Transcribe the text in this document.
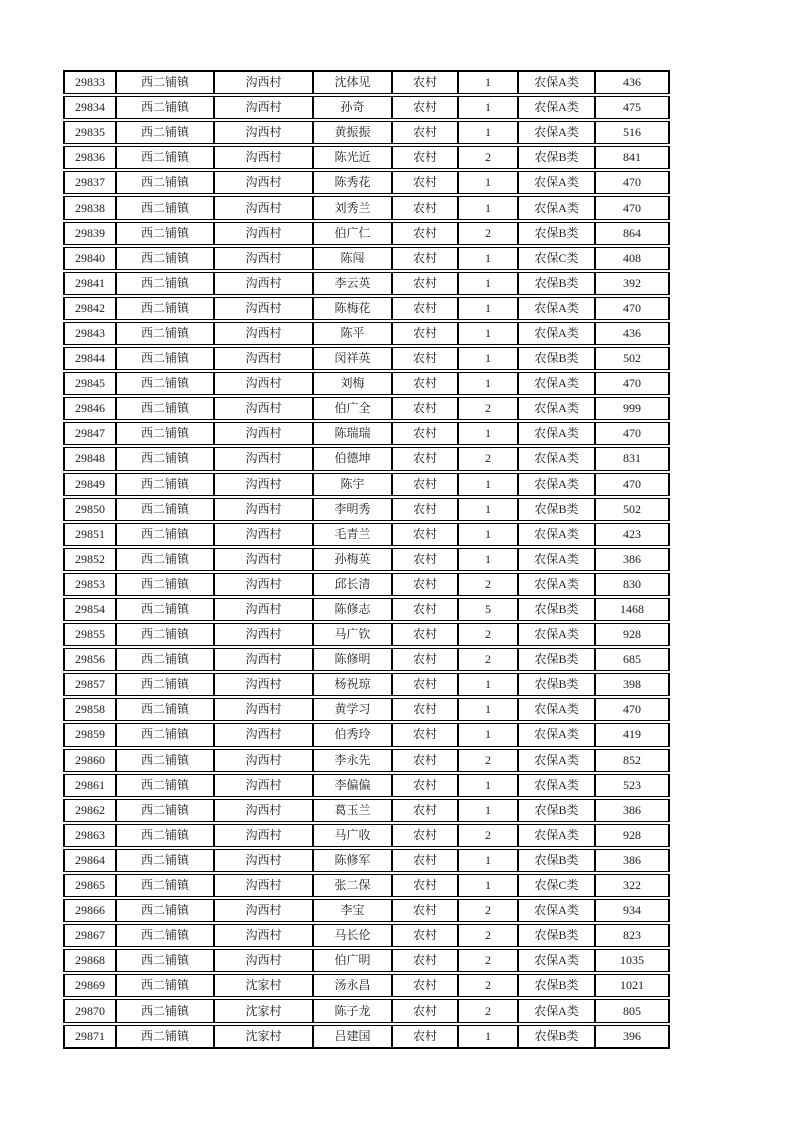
29833	西二铺镇	沟西村	沈体见	农村	1	农保A类	436
29834	西二铺镇	沟西村	孙奇	农村	1	农保A类	475
29835	西二铺镇	沟西村	黄振振	农村	1	农保A类	516
29836	西二铺镇	沟西村	陈光近	农村	2	农保B类	841
29837	西二铺镇	沟西村	陈秀花	农村	1	农保A类	470
29838	西二铺镇	沟西村	刘秀兰	农村	1	农保A类	470
29839	西二铺镇	沟西村	伯广仁	农村	2	农保B类	864
29840	西二铺镇	沟西村	陈闯	农村	1	农保C类	408
29841	西二铺镇	沟西村	李云英	农村	1	农保B类	392
29842	西二铺镇	沟西村	陈梅花	农村	1	农保A类	470
29843	西二铺镇	沟西村	陈平	农村	1	农保A类	436
29844	西二铺镇	沟西村	闵祥英	农村	1	农保B类	502
29845	西二铺镇	沟西村	刘梅	农村	1	农保A类	470
29846	西二铺镇	沟西村	伯广全	农村	2	农保A类	999
29847	西二铺镇	沟西村	陈瑞瑞	农村	1	农保A类	470
29848	西二铺镇	沟西村	伯德坤	农村	2	农保A类	831
29849	西二铺镇	沟西村	陈宇	农村	1	农保A类	470
29850	西二铺镇	沟西村	李明秀	农村	1	农保B类	502
29851	西二铺镇	沟西村	毛青兰	农村	1	农保A类	423
29852	西二铺镇	沟西村	孙梅英	农村	1	农保A类	386
29853	西二铺镇	沟西村	邱长清	农村	2	农保A类	830
29854	西二铺镇	沟西村	陈修志	农村	5	农保B类	1468
29855	西二铺镇	沟西村	马广钦	农村	2	农保A类	928
29856	西二铺镇	沟西村	陈修明	农村	2	农保B类	685
29857	西二铺镇	沟西村	杨祝琼	农村	1	农保B类	398
29858	西二铺镇	沟西村	黄学习	农村	1	农保A类	470
29859	西二铺镇	沟西村	伯秀玲	农村	1	农保A类	419
29860	西二铺镇	沟西村	李永先	农村	2	农保A类	852
29861	西二铺镇	沟西村	李偏偏	农村	1	农保A类	523
29862	西二铺镇	沟西村	葛玉兰	农村	1	农保B类	386
29863	西二铺镇	沟西村	马广收	农村	2	农保A类	928
29864	西二铺镇	沟西村	陈修军	农村	1	农保B类	386
29865	西二铺镇	沟西村	张二保	农村	1	农保C类	322
29866	西二铺镇	沟西村	李宝	农村	2	农保A类	934
29867	西二铺镇	沟西村	马长伦	农村	2	农保B类	823
29868	西二铺镇	沟西村	伯广明	农村	2	农保A类	1035
29869	西二铺镇	沈家村	汤永昌	农村	2	农保B类	1021
29870	西二铺镇	沈家村	陈子龙	农村	2	农保A类	805
29871	西二铺镇	沈家村	吕建国	农村	1	农保B类	396
